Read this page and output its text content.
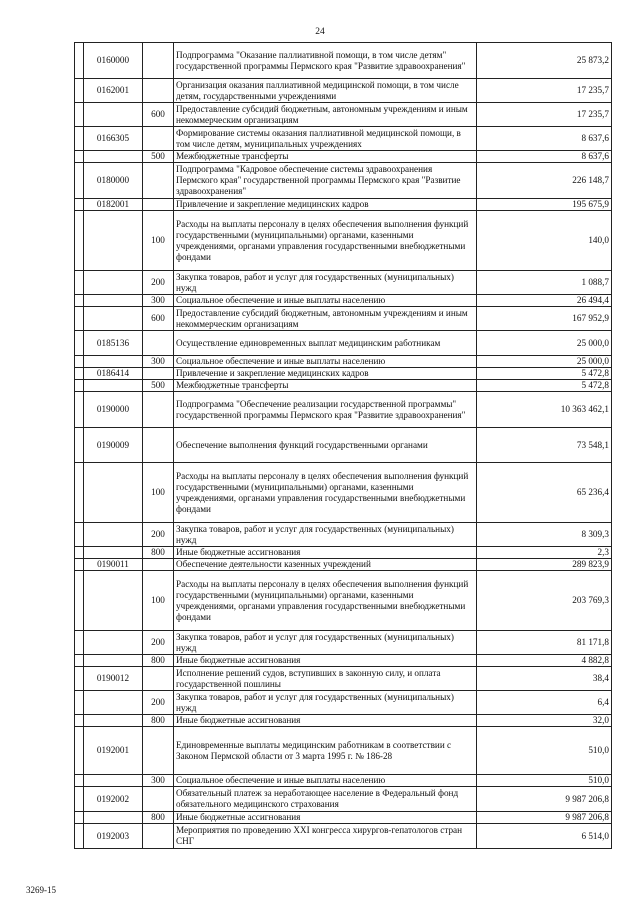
24
	0160000		Подпрограмма "Оказание паллиативной помощи, в том числе детям" государственной программы Пермского края "Развитие здравоохранения"	25 873,2
	0162001		Организация оказания паллиативной медицинской помощи, в том числе детям, государственными учреждениями	17 235,7
		600	Предоставление субсидий бюджетным, автономным учреждениям и иным некоммерческим организациям	17 235,7
	0166305		Формирование системы оказания паллиативной медицинской помощи, в том числе детям, муниципальных учреждениях	8 637,6
		500	Межбюджетные трансферты	8 637,6
	0180000		Подпрограмма "Кадровое обеспечение системы здравоохранения Пермского края" государственной программы Пермского края "Развитие здравоохранения"	226 148,7
	0182001		Привлечение и закрепление медицинских кадров	195 675,9
		100	Расходы на выплаты персоналу в целях обеспечения выполнения функций государственными (муниципальными) органами, казенными учреждениями, органами управления государственными внебюджетными фондами	140,0
		200	Закупка товаров, работ и услуг для государственных (муниципальных) нужд	1 088,7
		300	Социальное обеспечение и иные выплаты населению	26 494,4
		600	Предоставление субсидий бюджетным, автономным учреждениям и иным некоммерческим организациям	167 952,9
	0185136		Осуществление единовременных выплат медицинским работникам	25 000,0
		300	Социальное обеспечение и иные выплаты населению	25 000,0
	0186414		Привлечение и закрепление медицинских кадров	5 472,8
		500	Межбюджетные трансферты	5 472,8
	0190000		Подпрограмма "Обеспечение реализации государственной программы" государственной программы Пермского края "Развитие здравоохранения"	10 363 462,1
	0190009		Обеспечение выполнения функций государственными органами	73 548,1
		100	Расходы на выплаты персоналу в целях обеспечения выполнения функций государственными (муниципальными) органами, казенными учреждениями, органами управления государственными внебюджетными фондами	65 236,4
		200	Закупка товаров, работ и услуг для государственных (муниципальных) нужд	8 309,3
		800	Иные бюджетные ассигнования	2,3
	0190011		Обеспечение деятельности казенных учреждений	289 823,9
		100	Расходы на выплаты персоналу в целях обеспечения выполнения функций государственными (муниципальными) органами, казенными учреждениями, органами управления государственными внебюджетными фондами	203 769,3
		200	Закупка товаров, работ и услуг для государственных (муниципальных) нужд	81 171,8
		800	Иные бюджетные ассигнования	4 882,8
	0190012		Исполнение решений судов, вступивших в законную силу, и оплата государственной пошлины	38,4
		200	Закупка товаров, работ и услуг для государственных (муниципальных) нужд	6,4
		800	Иные бюджетные ассигнования	32,0
	0192001		Единовременные выплаты медицинским работникам в соответствии с Законом Пермской области от 3 марта 1995 г. № 186-28	510,0
		300	Социальное обеспечение и иные выплаты населению	510,0
	0192002		Обязательный платеж за неработающее население в Федеральный фонд обязательного медицинского страхования	9 987 206,8
		800	Иные бюджетные ассигнования	9 987 206,8
	0192003		Мероприятия по проведению XXI конгресса хирургов-гепатологов стран СНГ	6 514,0
3269-15
